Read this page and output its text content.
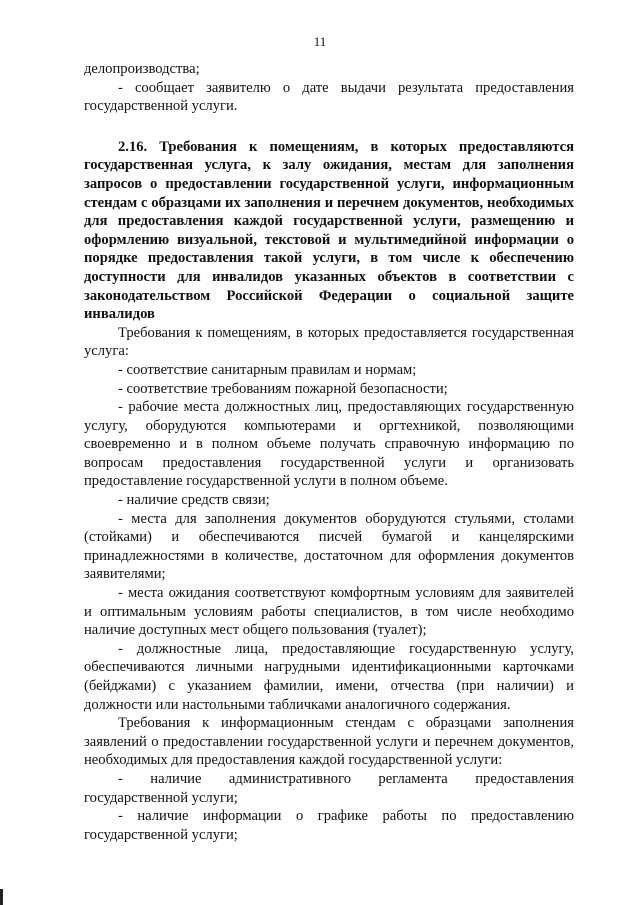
11

делопроизводства;

- сообщает заявителю о дате выдачи результата предоставления государственной услуги.

2.16. Требования к помещениям, в которых предоставляются государственная услуга, к залу ожидания, местам для заполнения запросов о предоставлении государственной услуги, информационным стендам с образцами их заполнения и перечнем документов, необходимых для предоставления каждой государственной услуги, размещению и оформлению визуальной, текстовой и мультимедийной информации о порядке предоставления такой услуги, в том числе к обеспечению доступности для инвалидов указанных объектов в соответствии с законодательством Российской Федерации о социальной защите инвалидов

Требования к помещениям, в которых предоставляется государственная услуга:

- соответствие санитарным правилам и нормам;

- соответствие требованиям пожарной безопасности;

- рабочие места должностных лиц, предоставляющих государственную услугу, оборудуются компьютерами и оргтехникой, позволяющими своевременно и в полном объеме получать справочную информацию по вопросам предоставления государственной услуги и организовать предоставление государственной услуги в полном объеме.

- наличие средств связи;

- места для заполнения документов оборудуются стульями, столами (стойками) и обеспечиваются писчей бумагой и канцелярскими принадлежностями в количестве, достаточном для оформления документов заявителями;

- места ожидания соответствуют комфортным условиям для заявителей и оптимальным условиям работы специалистов, в том числе необходимо наличие доступных мест общего пользования (туалет);

- должностные лица, предоставляющие государственную услугу, обеспечиваются личными нагрудными идентификационными карточками (бейджами) с указанием фамилии, имени, отчества (при наличии) и должности или настольными табличками аналогичного содержания.

Требования к информационным стендам с образцами заполнения заявлений о предоставлении государственной услуги и перечнем документов, необходимых для предоставления каждой государственной услуги:

- наличие административного регламента предоставления государственной услуги;

- наличие информации о графике работы по предоставлению государственной услуги;
